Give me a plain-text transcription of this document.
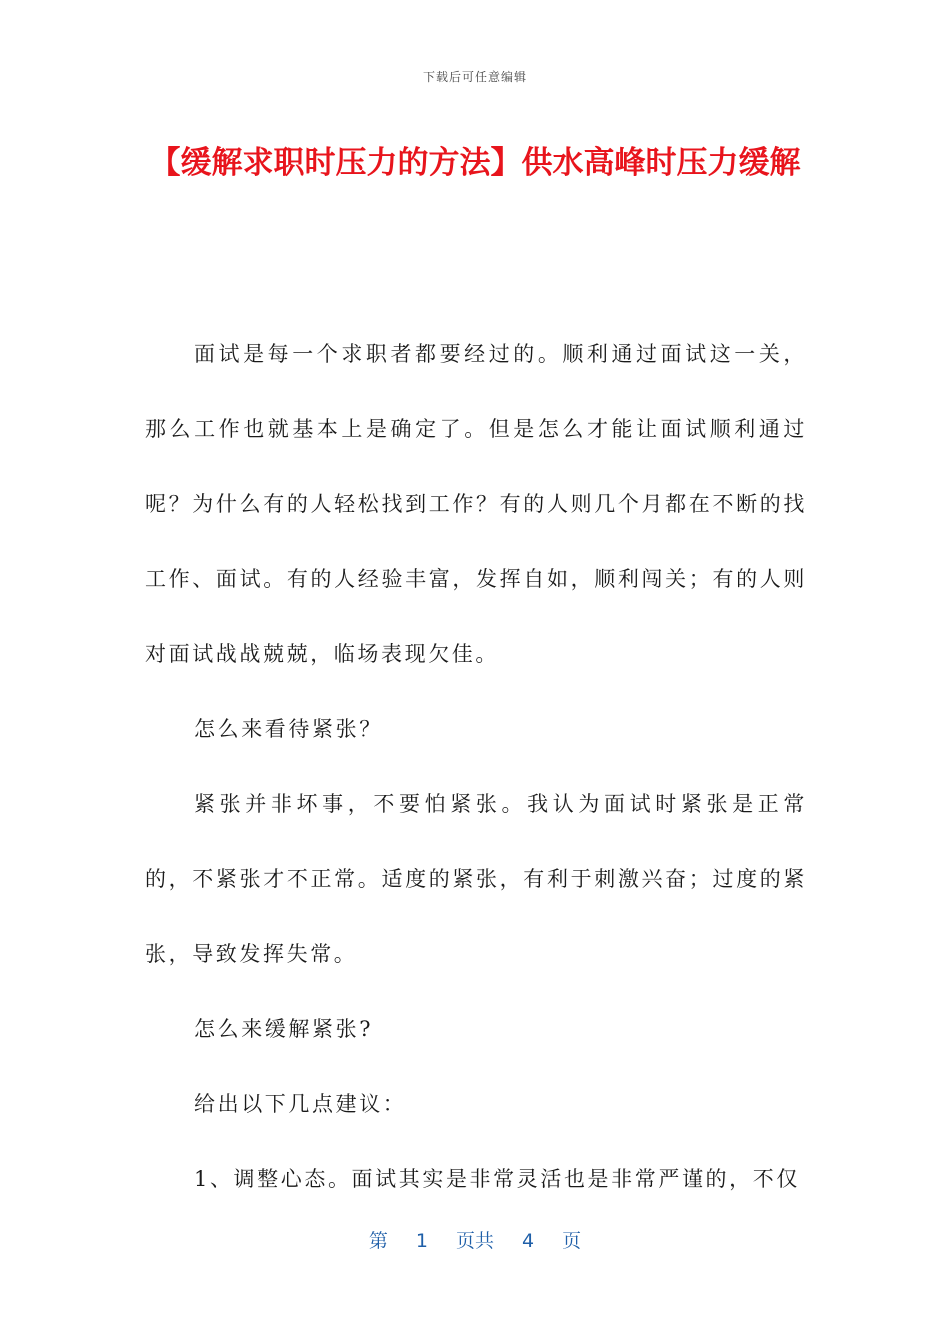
下载后可任意编辑
【缓解求职时压力的方法】供水高峰时压力缓解

面试是每一个求职者都要经过的。顺利通过面试这一关，那么工作也就基本上是确定了。但是怎么才能让面试顺利通过呢？为什么有的人轻松找到工作？有的人则几个月都在不断的找工作、面试。有的人经验丰富，发挥自如，顺利闯关；有的人则对面试战战兢兢，临场表现欠佳。

怎么来看待紧张？

紧张并非坏事，不要怕紧张。我认为面试时紧张是正常的，不紧张才不正常。适度的紧张，有利于刺激兴奋；过度的紧张，导致发挥失常。

怎么来缓解紧张?

给出以下几点建议：

1、调整心态。面试其实是非常灵活也是非常严谨的，不仅

第 1 页共 4 页
